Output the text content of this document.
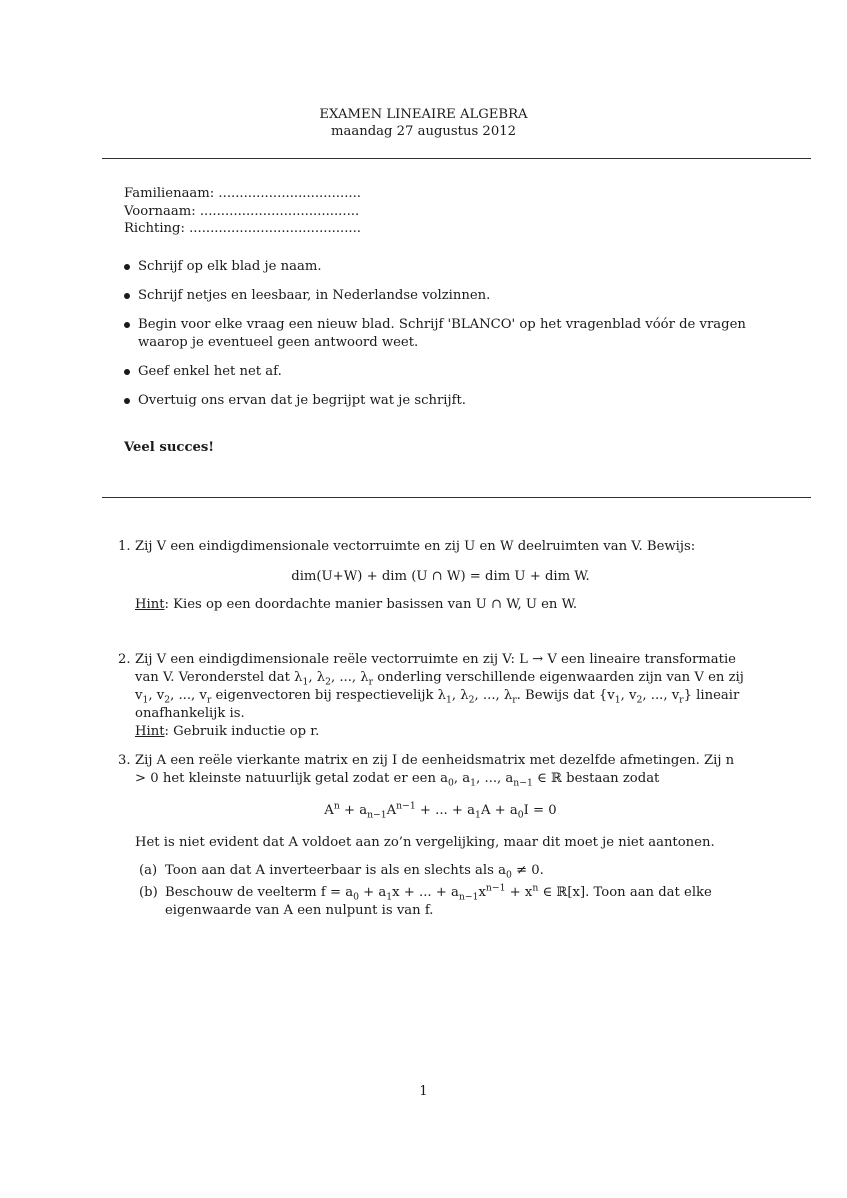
EXAMEN LINEAIRE ALGEBRA
maandag 27 augustus 2012
Familienaam: ..................................
Voornaam: ......................................
Richting: .........................................
Schrijf op elk blad je naam.
Schrijf netjes en leesbaar, in Nederlandse volzinnen.
Begin voor elke vraag een nieuw blad. Schrijf 'BLANCO' op het vragenblad vóór de vragen waarop je eventueel geen antwoord weet.
Geef enkel het net af.
Overtuig ons ervan dat je begrijpt wat je schrijft.
Veel succes!
1. Zij V een eindigdimensionale vectorruimte en zij U en W deelruimten van V. Bewijs:
dim(U+W) + dim (U ∩ W) = dim U + dim W.
Hint: Kies op een doordachte manier basissen van U ∩ W, U en W.
2. Zij V een eindigdimensionale reële vectorruimte en zij V: L → V een lineaire transformatie van V. Veronderstel dat $\lambda_1$, $\lambda_2$, ..., $\lambda_r$ onderling verschillende eigenwaarden zijn van V en zij $v_1$, $v_2$, ..., $v_r$ eigenvectoren bij respectievelijk $\lambda_1$, $\lambda_2$, ..., $\lambda_r$. Bewijs dat {$v_1$, $v_2$, ..., $v_r$} lineair onafhankelijk is.
Hint: Gebruik inductie op r.
3. Zij A een reële vierkante matrix en zij I de eenheidsmatrix met dezelfde afmetingen. Zij n > 0 het kleinste natuurlijk getal zodat er een $a_0$, $a_1$, ..., $a_{n-1}$ ∈ ℝ bestaan zodat
$A^n + a_{n-1}A^{n-1}$ + ... + $a_1A + a_0I = 0$
Het is niet evident dat A voldoet aan zo’n vergelijking, maar dit moet je niet aantonen.
(a) Toon aan dat A inverteerbaar is als en slechts als $a_0 \ne 0$.
(b) Beschouw de veelterm $f = a_0 + a_1x$ + ... + $a_{n-1}x^{n-1} + x^n$ ∈ ℝ[x]. Toon aan dat elke
eigenwaarde van A een nulpunt is van f.
1
